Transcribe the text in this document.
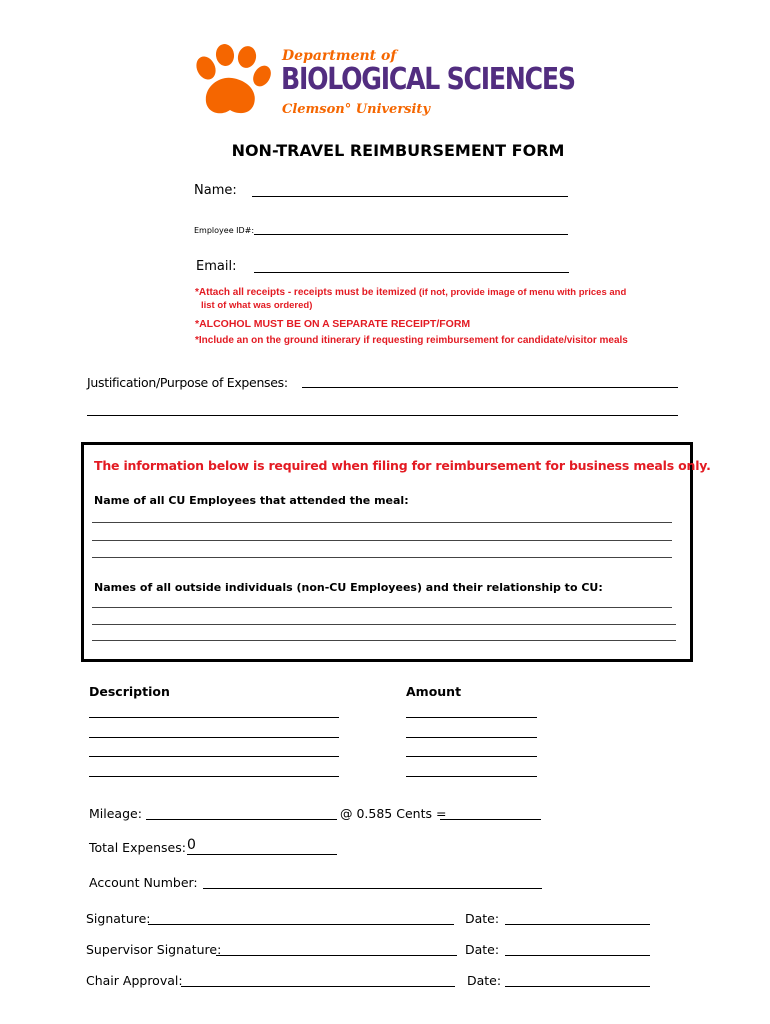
Department of
BIOLOGICAL SCIENCES
Clemson° University
NON-TRAVEL REIMBURSEMENT FORM
Name:
Employee ID#:
Email:
*Attach all receipts - receipts must be itemized (if not, provide image of menu with prices and
list of what was ordered)
*ALCOHOL MUST BE ON A SEPARATE RECEIPT/FORM
*Include an on the ground itinerary if requesting reimbursement for candidate/visitor meals
Justification/Purpose of Expenses:
The information below is required when filing for reimbursement for business meals only.
Name of all CU Employees that attended the meal:
Names of all outside individuals (non-CU Employees) and their relationship to CU:
Description	Amount
Mileage:	@ 0.585 Cents =
Total Expenses:
0
Account Number:
Signature:	Date:
Supervisor Signature:	Date:
Chair Approval:	Date:
